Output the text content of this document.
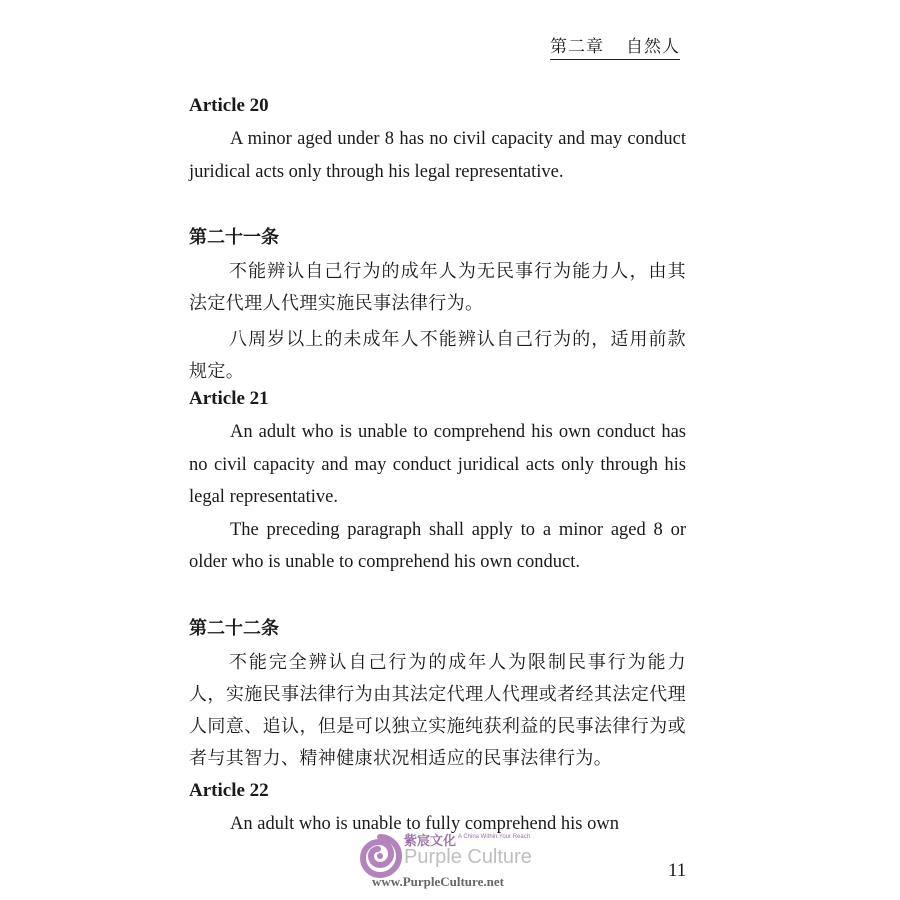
第二章 自然人

Article 20

A minor aged under 8 has no civil capacity and may conduct juridical acts only through his legal representative.

第二十一条

不能辨认自己行为的成年人为无民事行为能力人，由其法定代理人代理实施民事法律行为。

八周岁以上的未成年人不能辨认自己行为的，适用前款规定。

Article 21

An adult who is unable to comprehend his own conduct has no civil capacity and may conduct juridical acts only through his legal representative.

The preceding paragraph shall apply to a minor aged 8 or older who is unable to comprehend his own conduct.

第二十二条

不能完全辨认自己行为的成年人为限制民事行为能力人，实施民事法律行为由其法定代理人代理或者经其法定代理人同意、追认，但是可以独立实施纯获利益的民事法律行为或者与其智力、精神健康状况相适应的民事法律行为。

Article 22

An adult who is unable to fully comprehend his own

紫宸文化 A China Within Your Reach
Purple Culture
www.PurpleCulture.net
11
